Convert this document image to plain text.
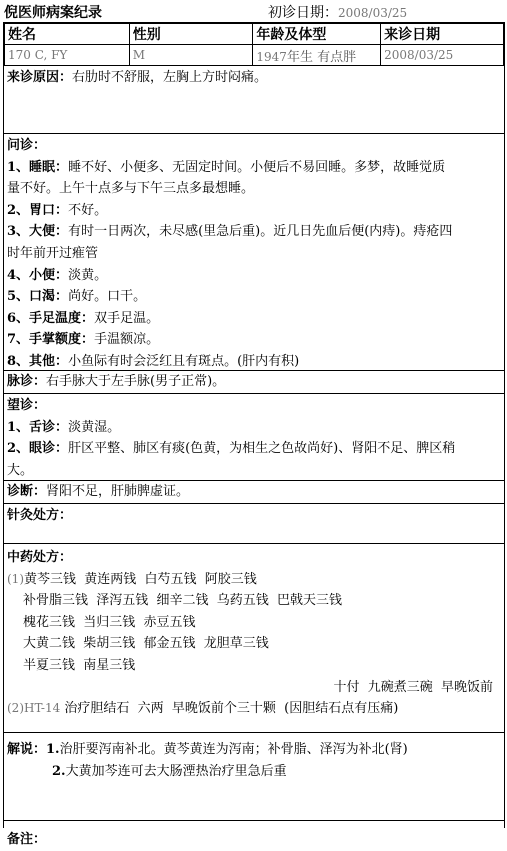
倪医师病案纪录	初诊日期：2008/03/25
姓名	性别	年龄及体型	来诊日期
170 C, FY	M	1947年生 有点胖	2008/03/25
来诊原因：右肋时不舒服，左胸上方时闷痛。
问诊：
1、睡眠：睡不好、小便多、无固定时间。小便后不易回睡。多梦，故睡觉质
量不好。上午十点多与下午三点多最想睡。
2、胃口：不好。
3、大便：有时一日两次，未尽感(里急后重)。近几日先血后便(内痔)。痔疮四
时年前开过痽管
4、小便：淡黄。
5、口渴：尚好。口干。
6、手足温度：双手足温。
7、手掌额度：手温额凉。
8、其他：小鱼际有时会泛红且有斑点。(肝内有积)
脉诊：右手脉大于左手脉(男子正常)。
望诊：
1、舌诊：淡黄湿。
2、眼诊：肝区平整、肺区有痰(色黄，为相生之色故尚好)、肾阳不足、脾区稍
大。
诊断：肾阳不足，肝肺脾虚证。
针灸处方：
中药处方：
(1)黄芩三钱  黄连两钱  白芍五钱  阿胶三钱
补骨脂三钱  泽泻五钱  细辛二钱  乌药五钱  巴戟天三钱
槐花三钱  当归三钱  赤豆五钱
大黄二钱  柴胡三钱  郁金五钱  龙胆草三钱
半夏三钱  南星三钱
十付  九碗煮三碗  早晚饭前
(2)HT-14 治疗胆结石  六两  早晚饭前个三十颗  (因胆结石点有压痛)
解说：1.治肝要泻南补北。黄芩黄连为泻南；补骨脂、泽泻为补北(肾)
2.大黄加芩连可去大肠湮热治疗里急后重
备注：
